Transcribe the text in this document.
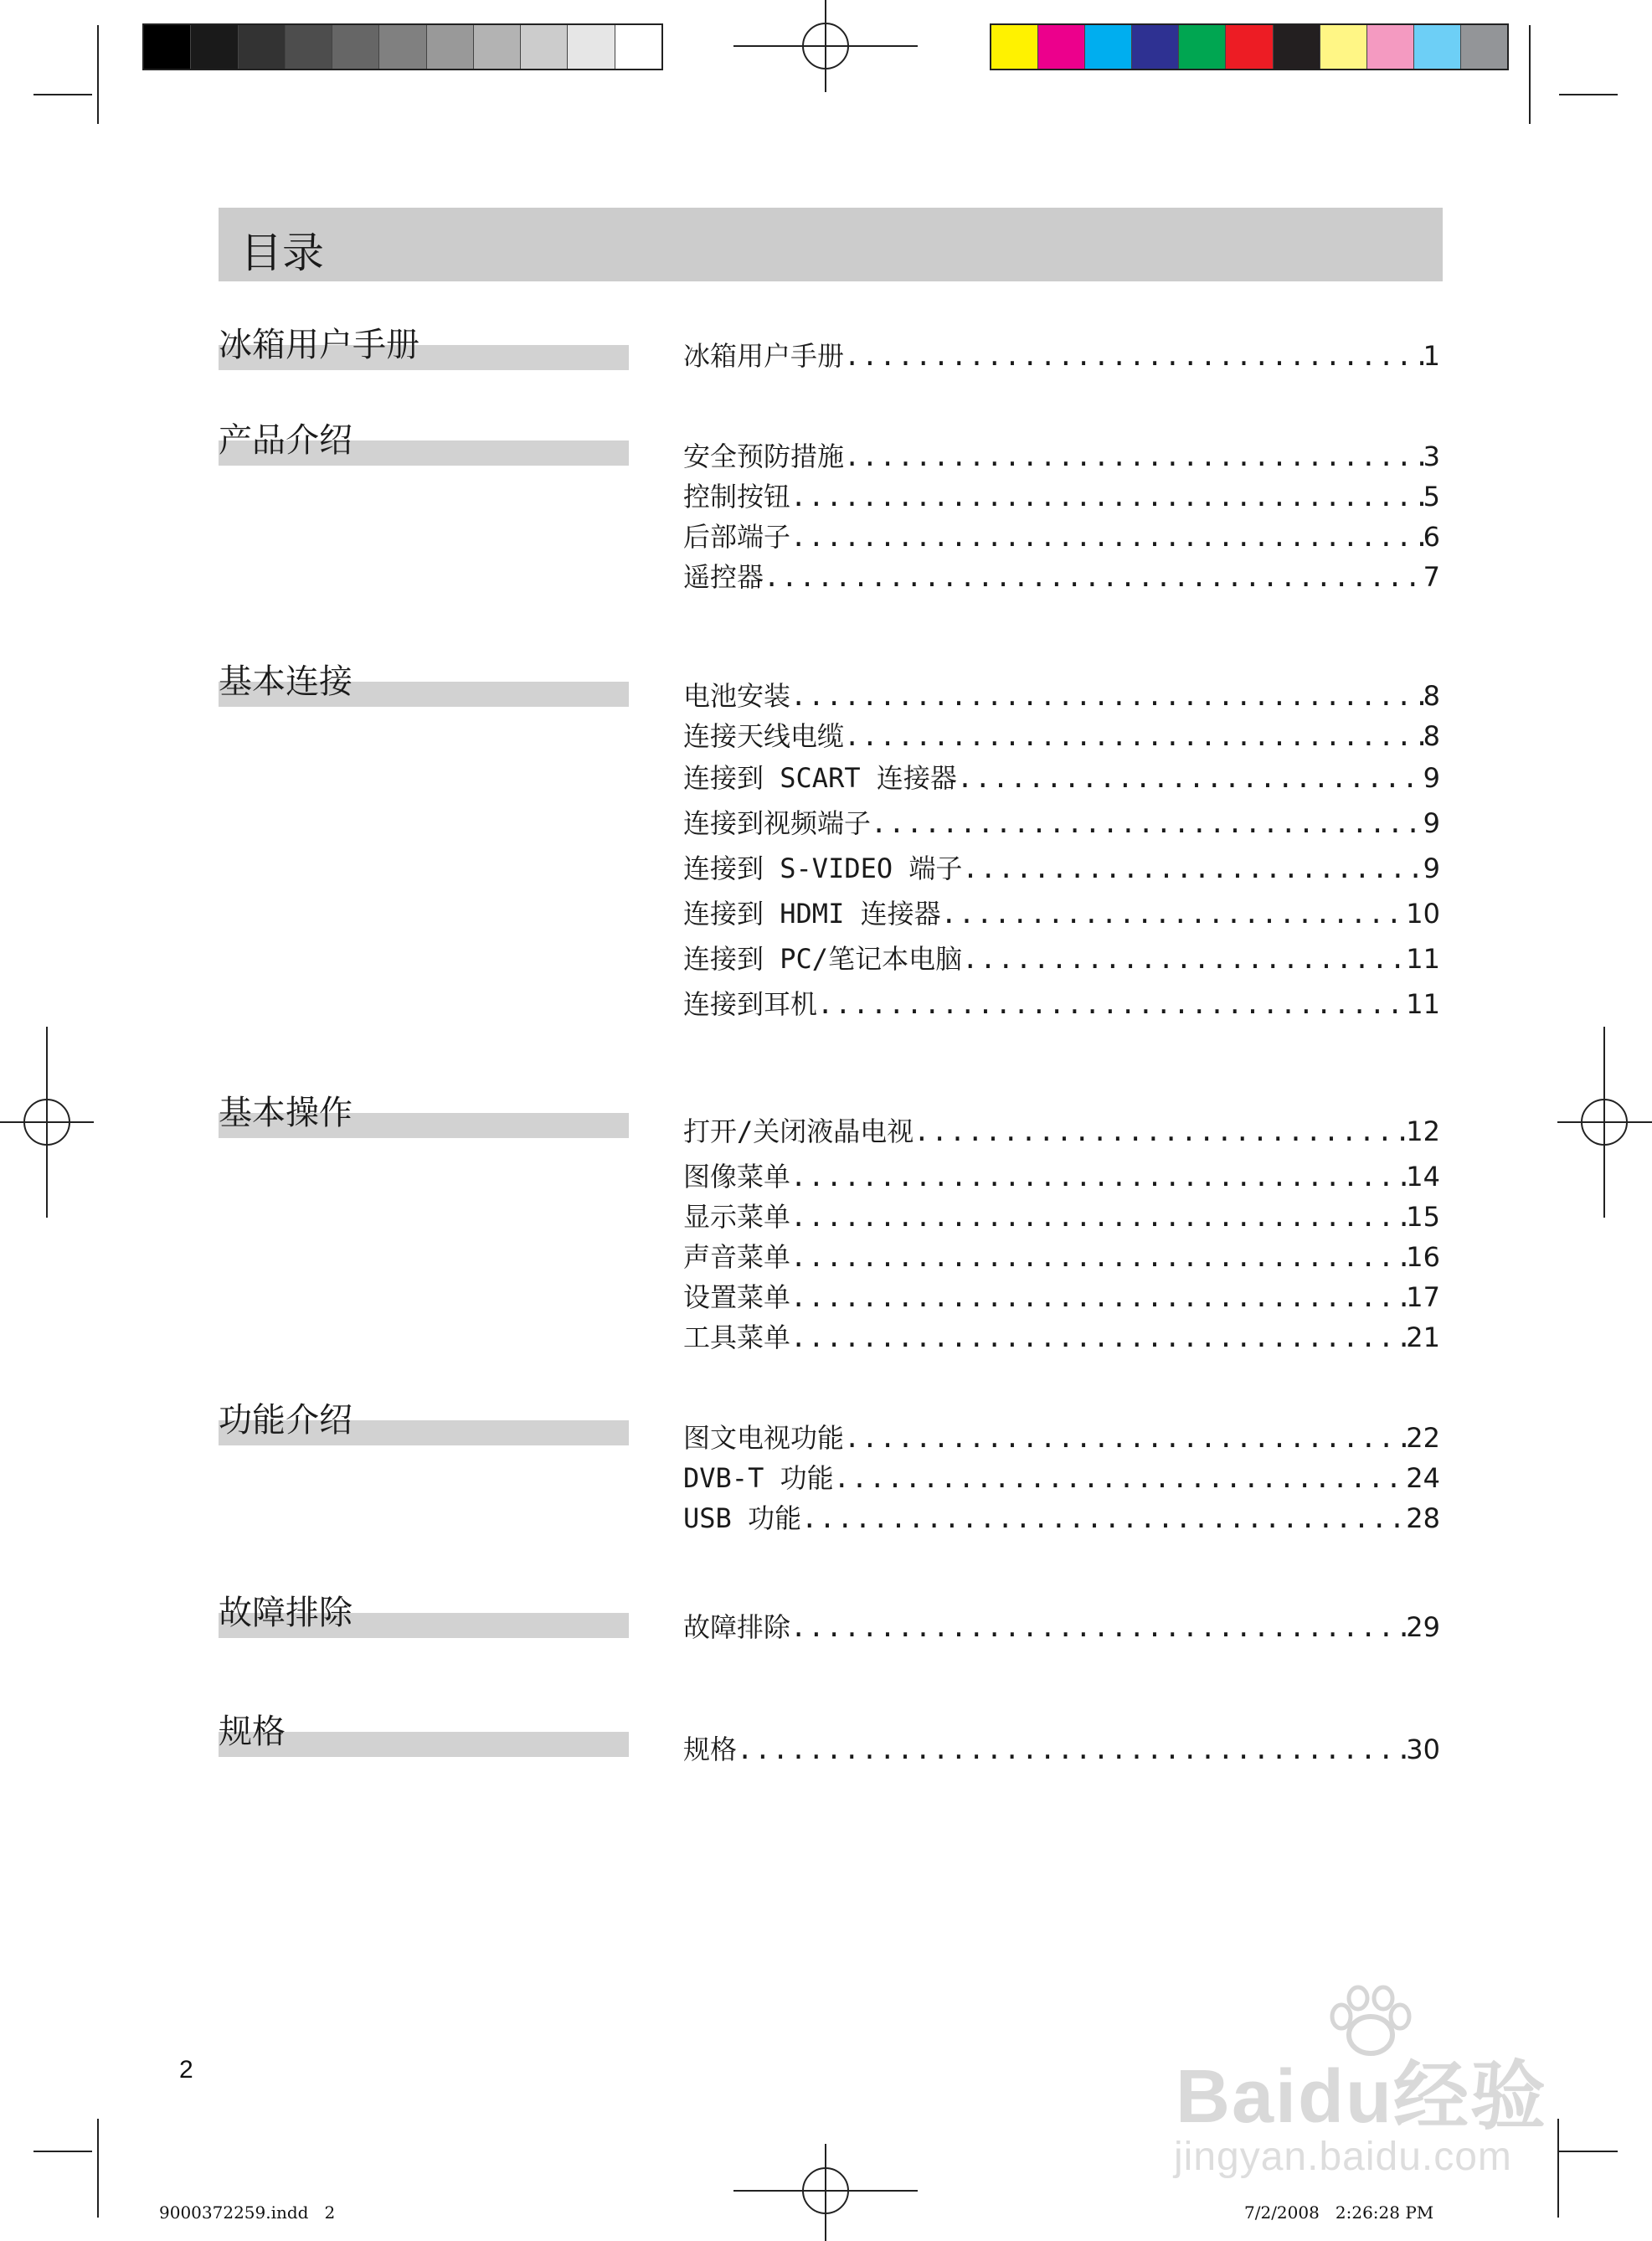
目录
冰箱用户手册	冰箱用户手册 .....	1
产品介绍	安全预防措施 .....	3
控制按钮 .....	5
后部端子 .....	6
遥控器 .....	7
基本连接	电池安装 .....	8
连接天线电缆 .....	8
连接到 SCART 连接器 .....	9
连接到视频端子 .....	9
连接到 S-VIDEO 端子 .....	9
连接到 HDMI 连接器 .....	10
连接到 PC/笔记本电脑 .....	11
连接到耳机 .....	11
基本操作	打开/关闭液晶电视 .....	12
图像菜单 .....	14
显示菜单 .....	15
声音菜单 .....	16
设置菜单 .....	17
工具菜单 .....	21
功能介绍	图文电视功能 .....	22
DVB-T 功能 .....	24
USB 功能 .....	28
故障排除	故障排除 .....	29
规格	规格 .....	30
2
9000372259.indd   2	7/2/2008   2:26:28 PM
Baidu经验
jingyan.baidu.com
